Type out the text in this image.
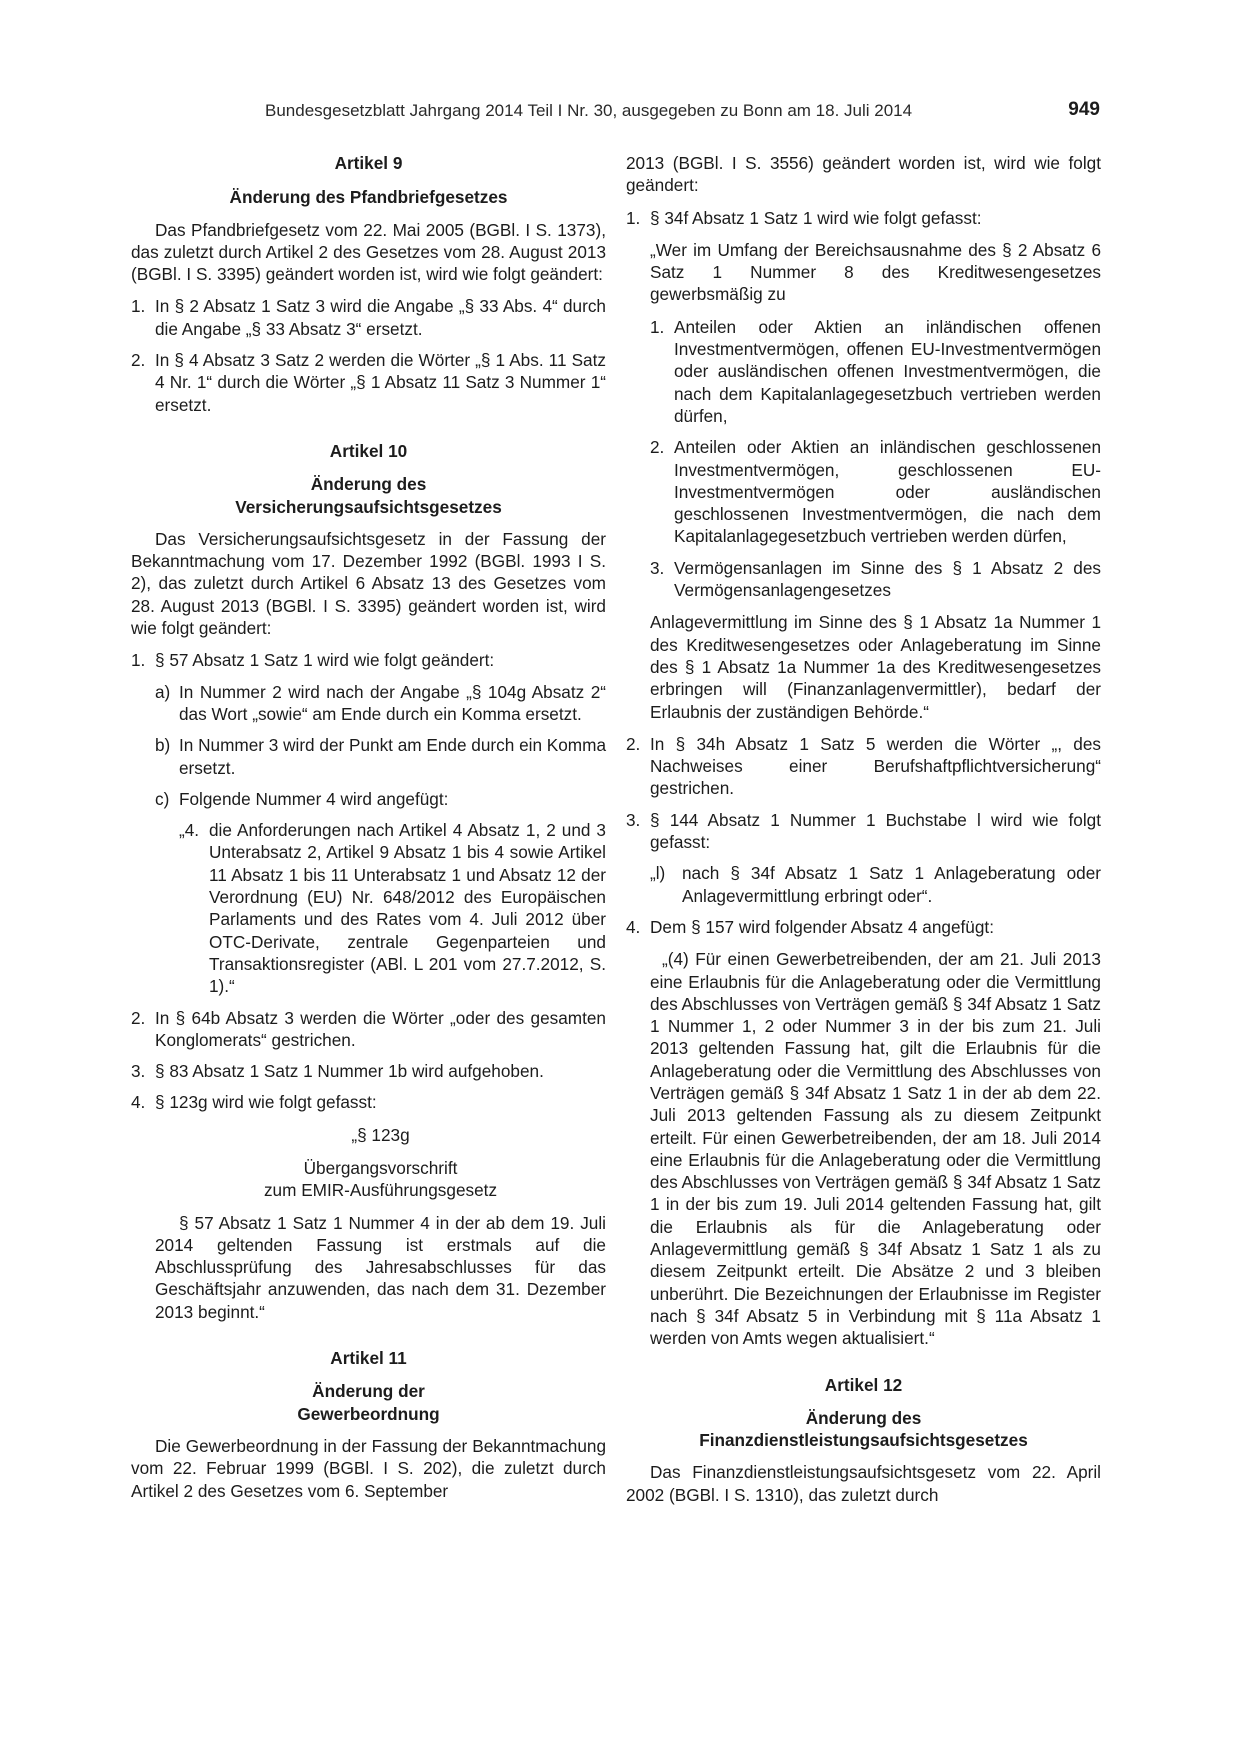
Bundesgesetzblatt Jahrgang 2014 Teil I Nr. 30, ausgegeben zu Bonn am 18. Juli 2014	949

Artikel 9

Änderung des Pfandbriefgesetzes

Das Pfandbriefgesetz vom 22. Mai 2005 (BGBl. I S. 1373), das zuletzt durch Artikel 2 des Gesetzes vom 28. August 2013 (BGBl. I S. 3395) geändert worden ist, wird wie folgt geändert:

1. In § 2 Absatz 1 Satz 3 wird die Angabe „§ 33 Abs. 4“ durch die Angabe „§ 33 Absatz 3“ ersetzt.
2. In § 4 Absatz 3 Satz 2 werden die Wörter „§ 1 Abs. 11 Satz 4 Nr. 1“ durch die Wörter „§ 1 Absatz 11 Satz 3 Nummer 1“ ersetzt.

Artikel 10

Änderung des

Versicherungsaufsichtsgesetzes

Das Versicherungsaufsichtsgesetz in der Fassung der Bekanntmachung vom 17. Dezember 1992 (BGBl. 1993 I S. 2), das zuletzt durch Artikel 6 Absatz 13 des Gesetzes vom 28. August 2013 (BGBl. I S. 3395) geändert worden ist, wird wie folgt geändert:

1. § 57 Absatz 1 Satz 1 wird wie folgt geändert:
a) In Nummer 2 wird nach der Angabe „§ 104g Absatz 2“ das Wort „sowie“ am Ende durch ein Komma ersetzt.
b) In Nummer 3 wird der Punkt am Ende durch ein Komma ersetzt.
c) Folgende Nummer 4 wird angefügt:
„4. die Anforderungen nach Artikel 4 Absatz 1, 2 und 3 Unterabsatz 2, Artikel 9 Absatz 1 bis 4 sowie Artikel 11 Absatz 1 bis 11 Unterabsatz 1 und Absatz 12 der Verordnung (EU) Nr. 648/2012 des Europäischen Parlaments und des Rates vom 4. Juli 2012 über OTC-Derivate, zentrale Gegenparteien und Transaktionsregister (ABl. L 201 vom 27.7.2012, S. 1).“
2. In § 64b Absatz 3 werden die Wörter „oder des gesamten Konglomerats“ gestrichen.
3. § 83 Absatz 1 Satz 1 Nummer 1b wird aufgehoben.
4. § 123g wird wie folgt gefasst:

„§ 123g

Übergangsvorschrift

zum EMIR-Ausführungsgesetz

§ 57 Absatz 1 Satz 1 Nummer 4 in der ab dem 19. Juli 2014 geltenden Fassung ist erstmals auf die Abschlussprüfung des Jahresabschlusses für das Geschäftsjahr anzuwenden, das nach dem 31. Dezember 2013 beginnt.“

Artikel 11

Änderung der

Gewerbeordnung

Die Gewerbeordnung in der Fassung der Bekanntmachung vom 22. Februar 1999 (BGBl. I S. 202), die zuletzt durch Artikel 2 des Gesetzes vom 6. September

2013 (BGBl. I S. 3556) geändert worden ist, wird wie folgt geändert:

1. § 34f Absatz 1 Satz 1 wird wie folgt gefasst:

„Wer im Umfang der Bereichsausnahme des § 2 Absatz 6 Satz 1 Nummer 8 des Kreditwesengesetzes gewerbsmäßig zu

1. Anteilen oder Aktien an inländischen offenen Investmentvermögen, offenen EU-Investmentvermögen oder ausländischen offenen Investmentvermögen, die nach dem Kapitalanlagegesetzbuch vertrieben werden dürfen,
2. Anteilen oder Aktien an inländischen geschlossenen Investmentvermögen, geschlossenen EU-Investmentvermögen oder ausländischen geschlossenen Investmentvermögen, die nach dem Kapitalanlagegesetzbuch vertrieben werden dürfen,
3. Vermögensanlagen im Sinne des § 1 Absatz 2 des Vermögensanlagengesetzes

Anlagevermittlung im Sinne des § 1 Absatz 1a Nummer 1 des Kreditwesengesetzes oder Anlageberatung im Sinne des § 1 Absatz 1a Nummer 1a des Kreditwesengesetzes erbringen will (Finanzanlagenvermittler), bedarf der Erlaubnis der zuständigen Behörde.“

2. In § 34h Absatz 1 Satz 5 werden die Wörter „, des Nachweises einer Berufshaftpflichtversicherung“ gestrichen.
3. § 144 Absatz 1 Nummer 1 Buchstabe l wird wie folgt gefasst:
„l) nach § 34f Absatz 1 Satz 1 Anlageberatung oder Anlagevermittlung erbringt oder“.
4. Dem § 157 wird folgender Absatz 4 angefügt:

„(4) Für einen Gewerbetreibenden, der am 21. Juli 2013 eine Erlaubnis für die Anlageberatung oder die Vermittlung des Abschlusses von Verträgen gemäß § 34f Absatz 1 Satz 1 Nummer 1, 2 oder Nummer 3 in der bis zum 21. Juli 2013 geltenden Fassung hat, gilt die Erlaubnis für die Anlageberatung oder die Vermittlung des Abschlusses von Verträgen gemäß § 34f Absatz 1 Satz 1 in der ab dem 22. Juli 2013 geltenden Fassung als zu diesem Zeitpunkt erteilt. Für einen Gewerbetreibenden, der am 18. Juli 2014 eine Erlaubnis für die Anlageberatung oder die Vermittlung des Abschlusses von Verträgen gemäß § 34f Absatz 1 Satz 1 in der bis zum 19. Juli 2014 geltenden Fassung hat, gilt die Erlaubnis als für die Anlageberatung oder Anlagevermittlung gemäß § 34f Absatz 1 Satz 1 als zu diesem Zeitpunkt erteilt. Die Absätze 2 und 3 bleiben unberührt. Die Bezeichnungen der Erlaubnisse im Register nach § 34f Absatz 5 in Verbindung mit § 11a Absatz 1 werden von Amts wegen aktualisiert.“

Artikel 12

Änderung des

Finanzdienstleistungsaufsichtsgesetzes

Das Finanzdienstleistungsaufsichtsgesetz vom 22. April 2002 (BGBl. I S. 1310), das zuletzt durch
